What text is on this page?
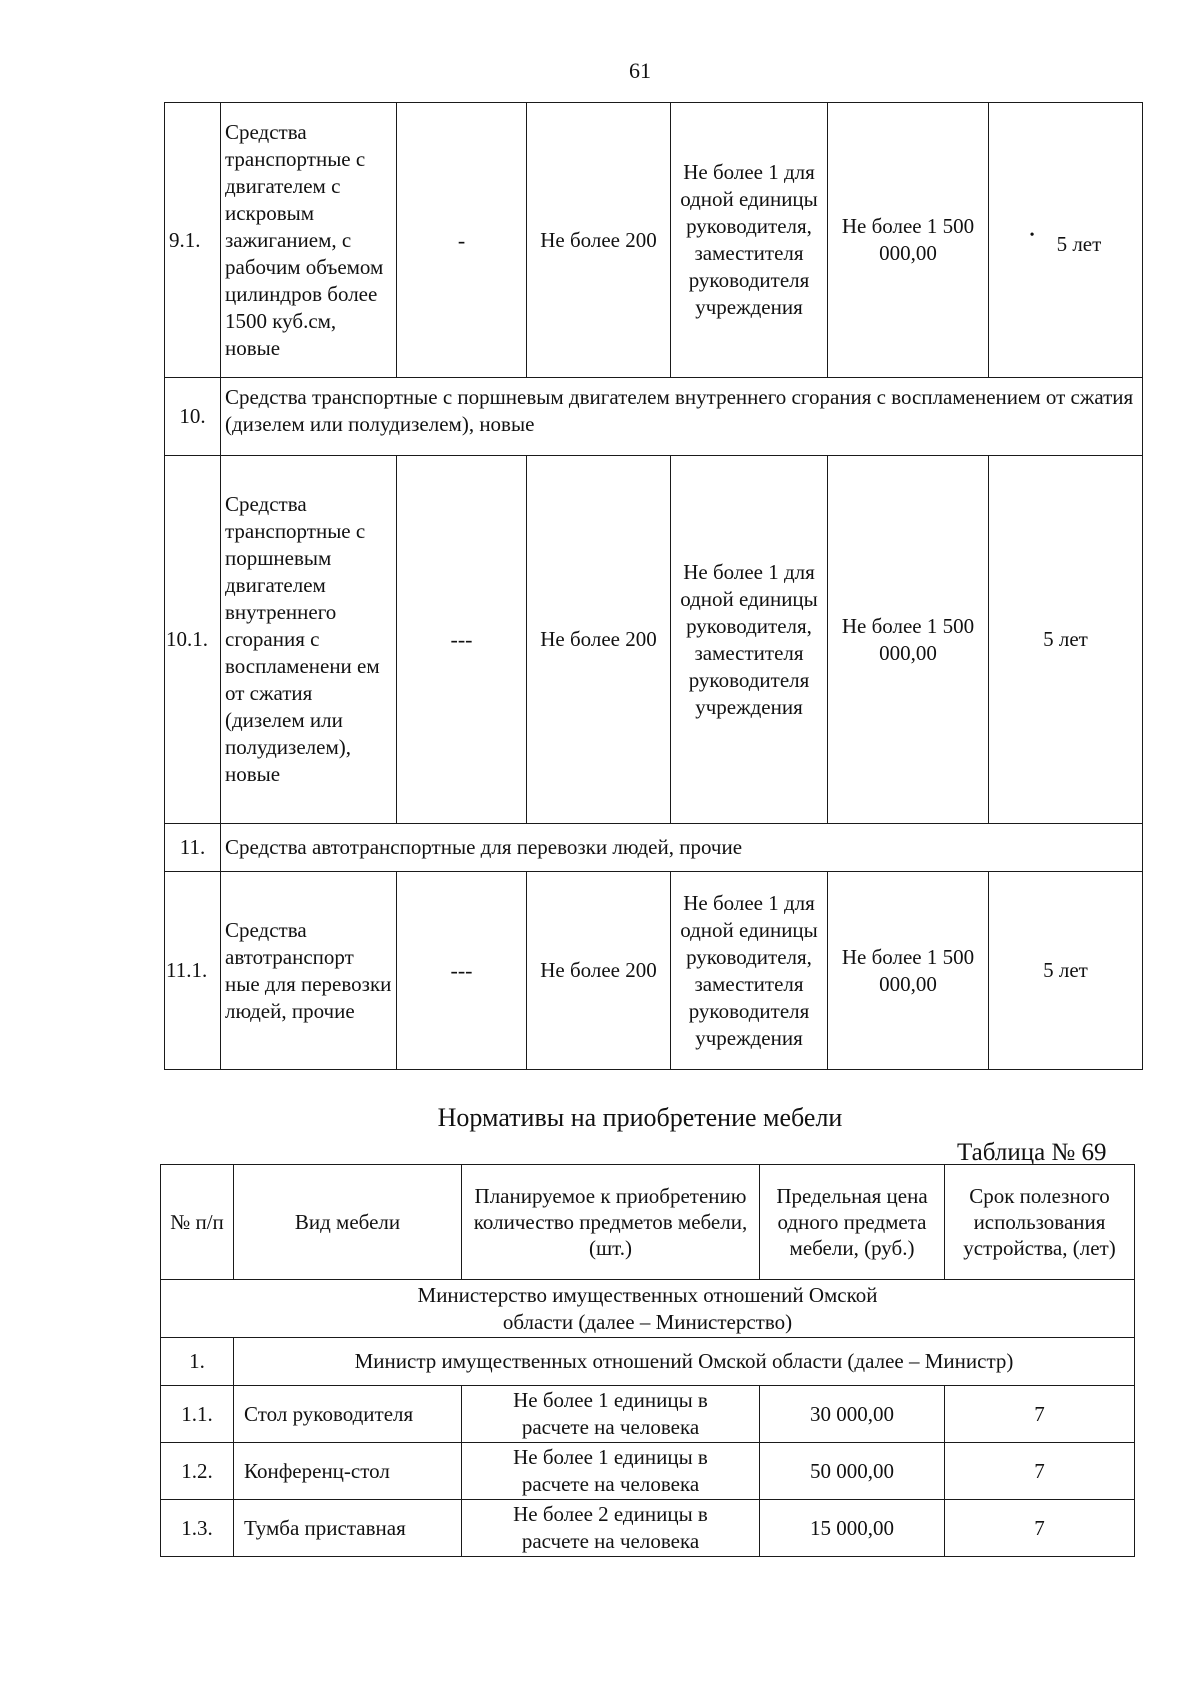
61
9.1.	Средства транспортные с двигателем с искровым зажиганием, с рабочим объемом цилиндров более 1500 куб.см, новые	-	Не более 200	Не более 1 для одной единицы руководителя, заместителя руководителя учреждения	Не более 1 500 000,00	• 5 лет
10.	Средства транспортные с поршневым двигателем внутреннего сгорания с воспламенением от сжатия (дизелем или полудизелем), новые					
10.1.	Средства транспортные с поршневым двигателем внутреннего сгорания с воспламенени ем от сжатия (дизелем или полудизелем), новые	---	Не более 200	Не более 1 для одной единицы руководителя, заместителя руководителя учреждения	Не более 1 500 000,00	5 лет
11.	Средства автотранспортные для перевозки людей, прочие					
11.1.	Средства автотранспорт ные для перевозки людей, прочие	---	Не более 200	Не более 1 для одной единицы руководителя, заместителя руководителя учреждения	Не более 1 500 000,00	5 лет
Нормативы на приобретение мебели
Таблица № 69
№ п/п	Вид мебели	Планируемое к приобретению количество предметов мебели, (шт.)	Предельная цена одного предмета мебели, (руб.)	Срок полезного использования устройства, (лет)
Министерство имущественных отношений Омской области (далее – Министерство)				
1.	Министр имущественных отношений Омской области (далее – Министр)			
1.1.	Стол руководителя	Не более 1 единицы в расчете на человека	30 000,00	7
1.2.	Конференц-стол	Не более 1 единицы в расчете на человека	50 000,00	7
1.3.	Тумба приставная	Не более 2 единицы в расчете на человека	15 000,00	7
